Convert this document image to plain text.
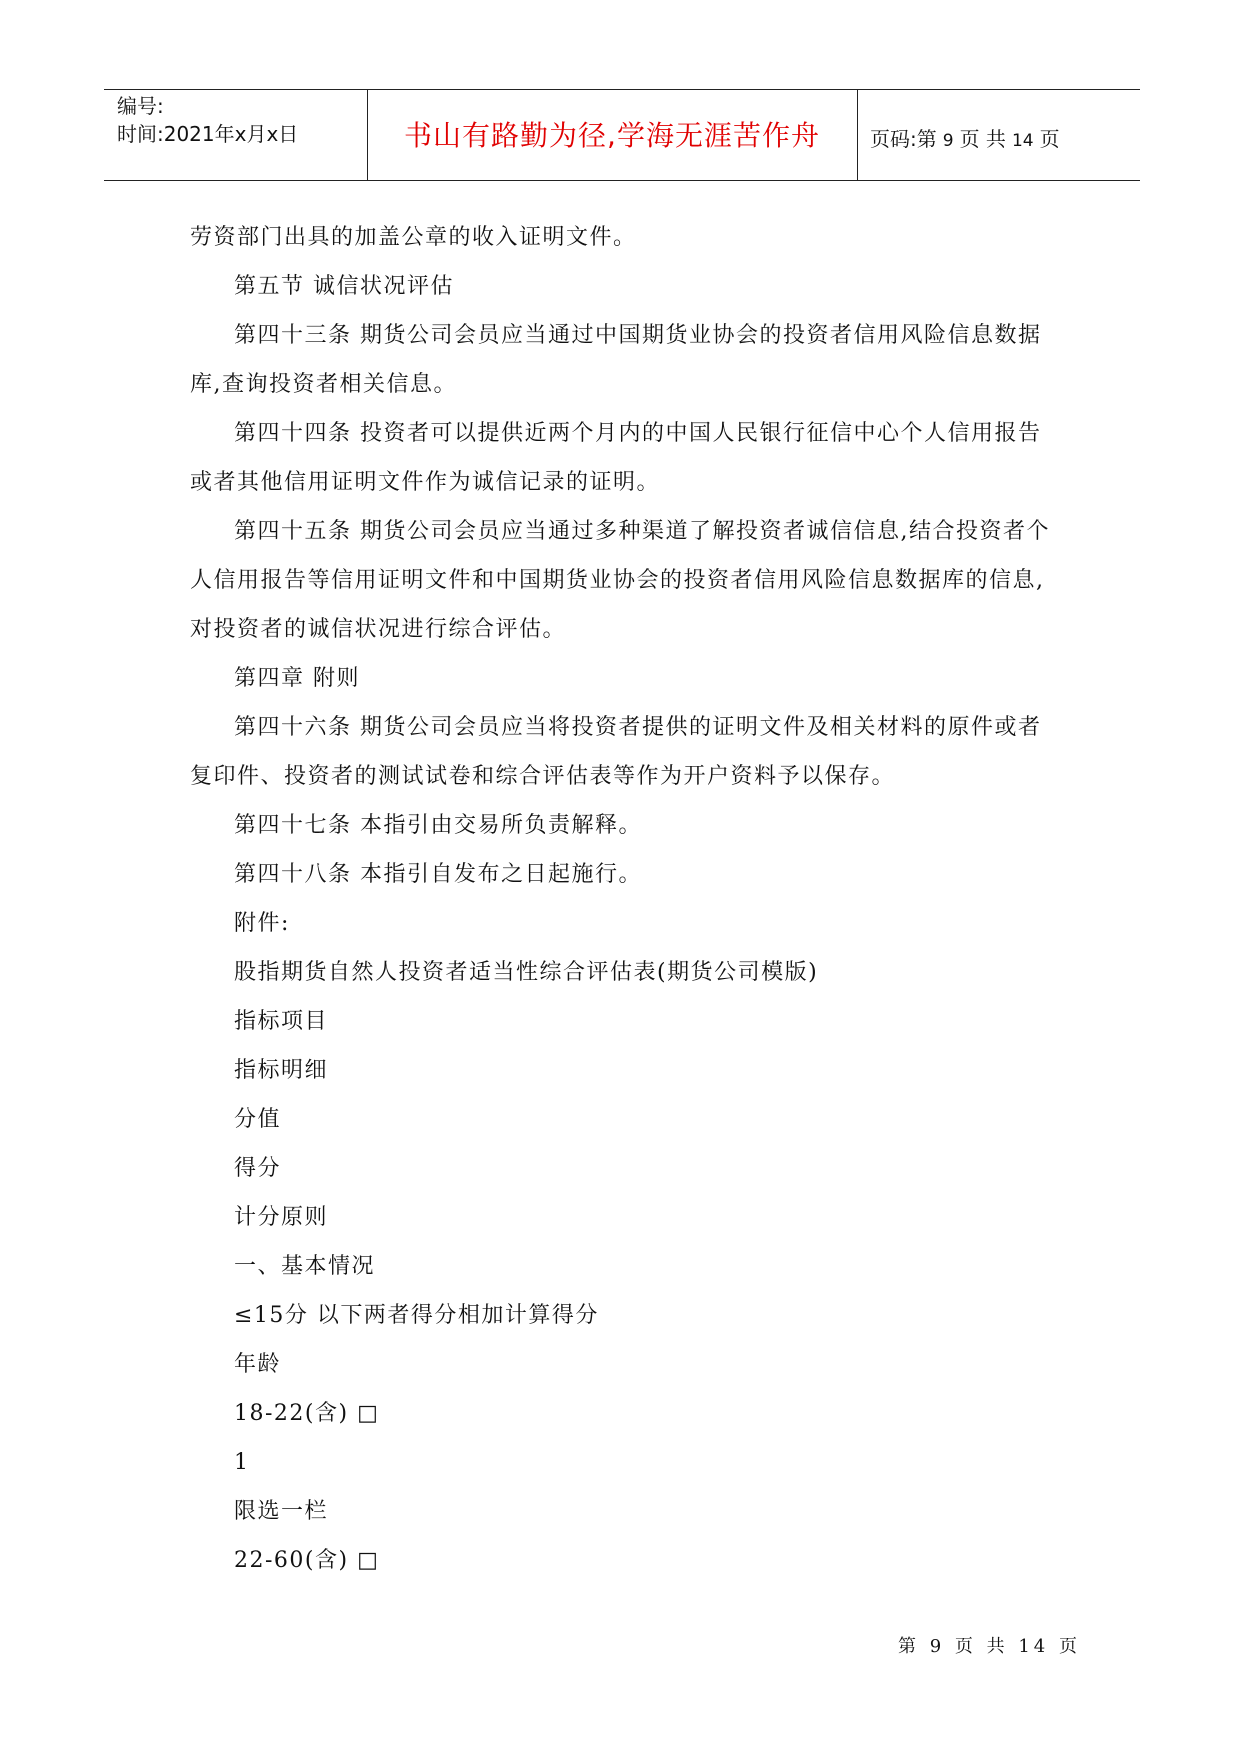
编号:
时间:2021年x月x日	书山有路勤为径,学海无涯苦作舟	页码:第 9 页 共 14 页

劳资部门出具的加盖公章的收入证明文件。

第五节 诚信状况评估

第四十三条 期货公司会员应当通过中国期货业协会的投资者信用风险信息数据库,查询投资者相关信息。

第四十四条 投资者可以提供近两个月内的中国人民银行征信中心个人信用报告或者其他信用证明文件作为诚信记录的证明。

第四十五条 期货公司会员应当通过多种渠道了解投资者诚信信息,结合投资者个人信用报告等信用证明文件和中国期货业协会的投资者信用风险信息数据库的信息,对投资者的诚信状况进行综合评估。

第四章 附则

第四十六条 期货公司会员应当将投资者提供的证明文件及相关材料的原件或者复印件、投资者的测试试卷和综合评估表等作为开户资料予以保存。

第四十七条 本指引由交易所负责解释。

第四十八条 本指引自发布之日起施行。

附件:

股指期货自然人投资者适当性综合评估表(期货公司模版)

指标项目

指标明细

分值

得分

计分原则

一、基本情况

≤15分 以下两者得分相加计算得分

年龄

18-22(含) □

1

限选一栏

22-60(含) □

第 9 页 共 14 页
